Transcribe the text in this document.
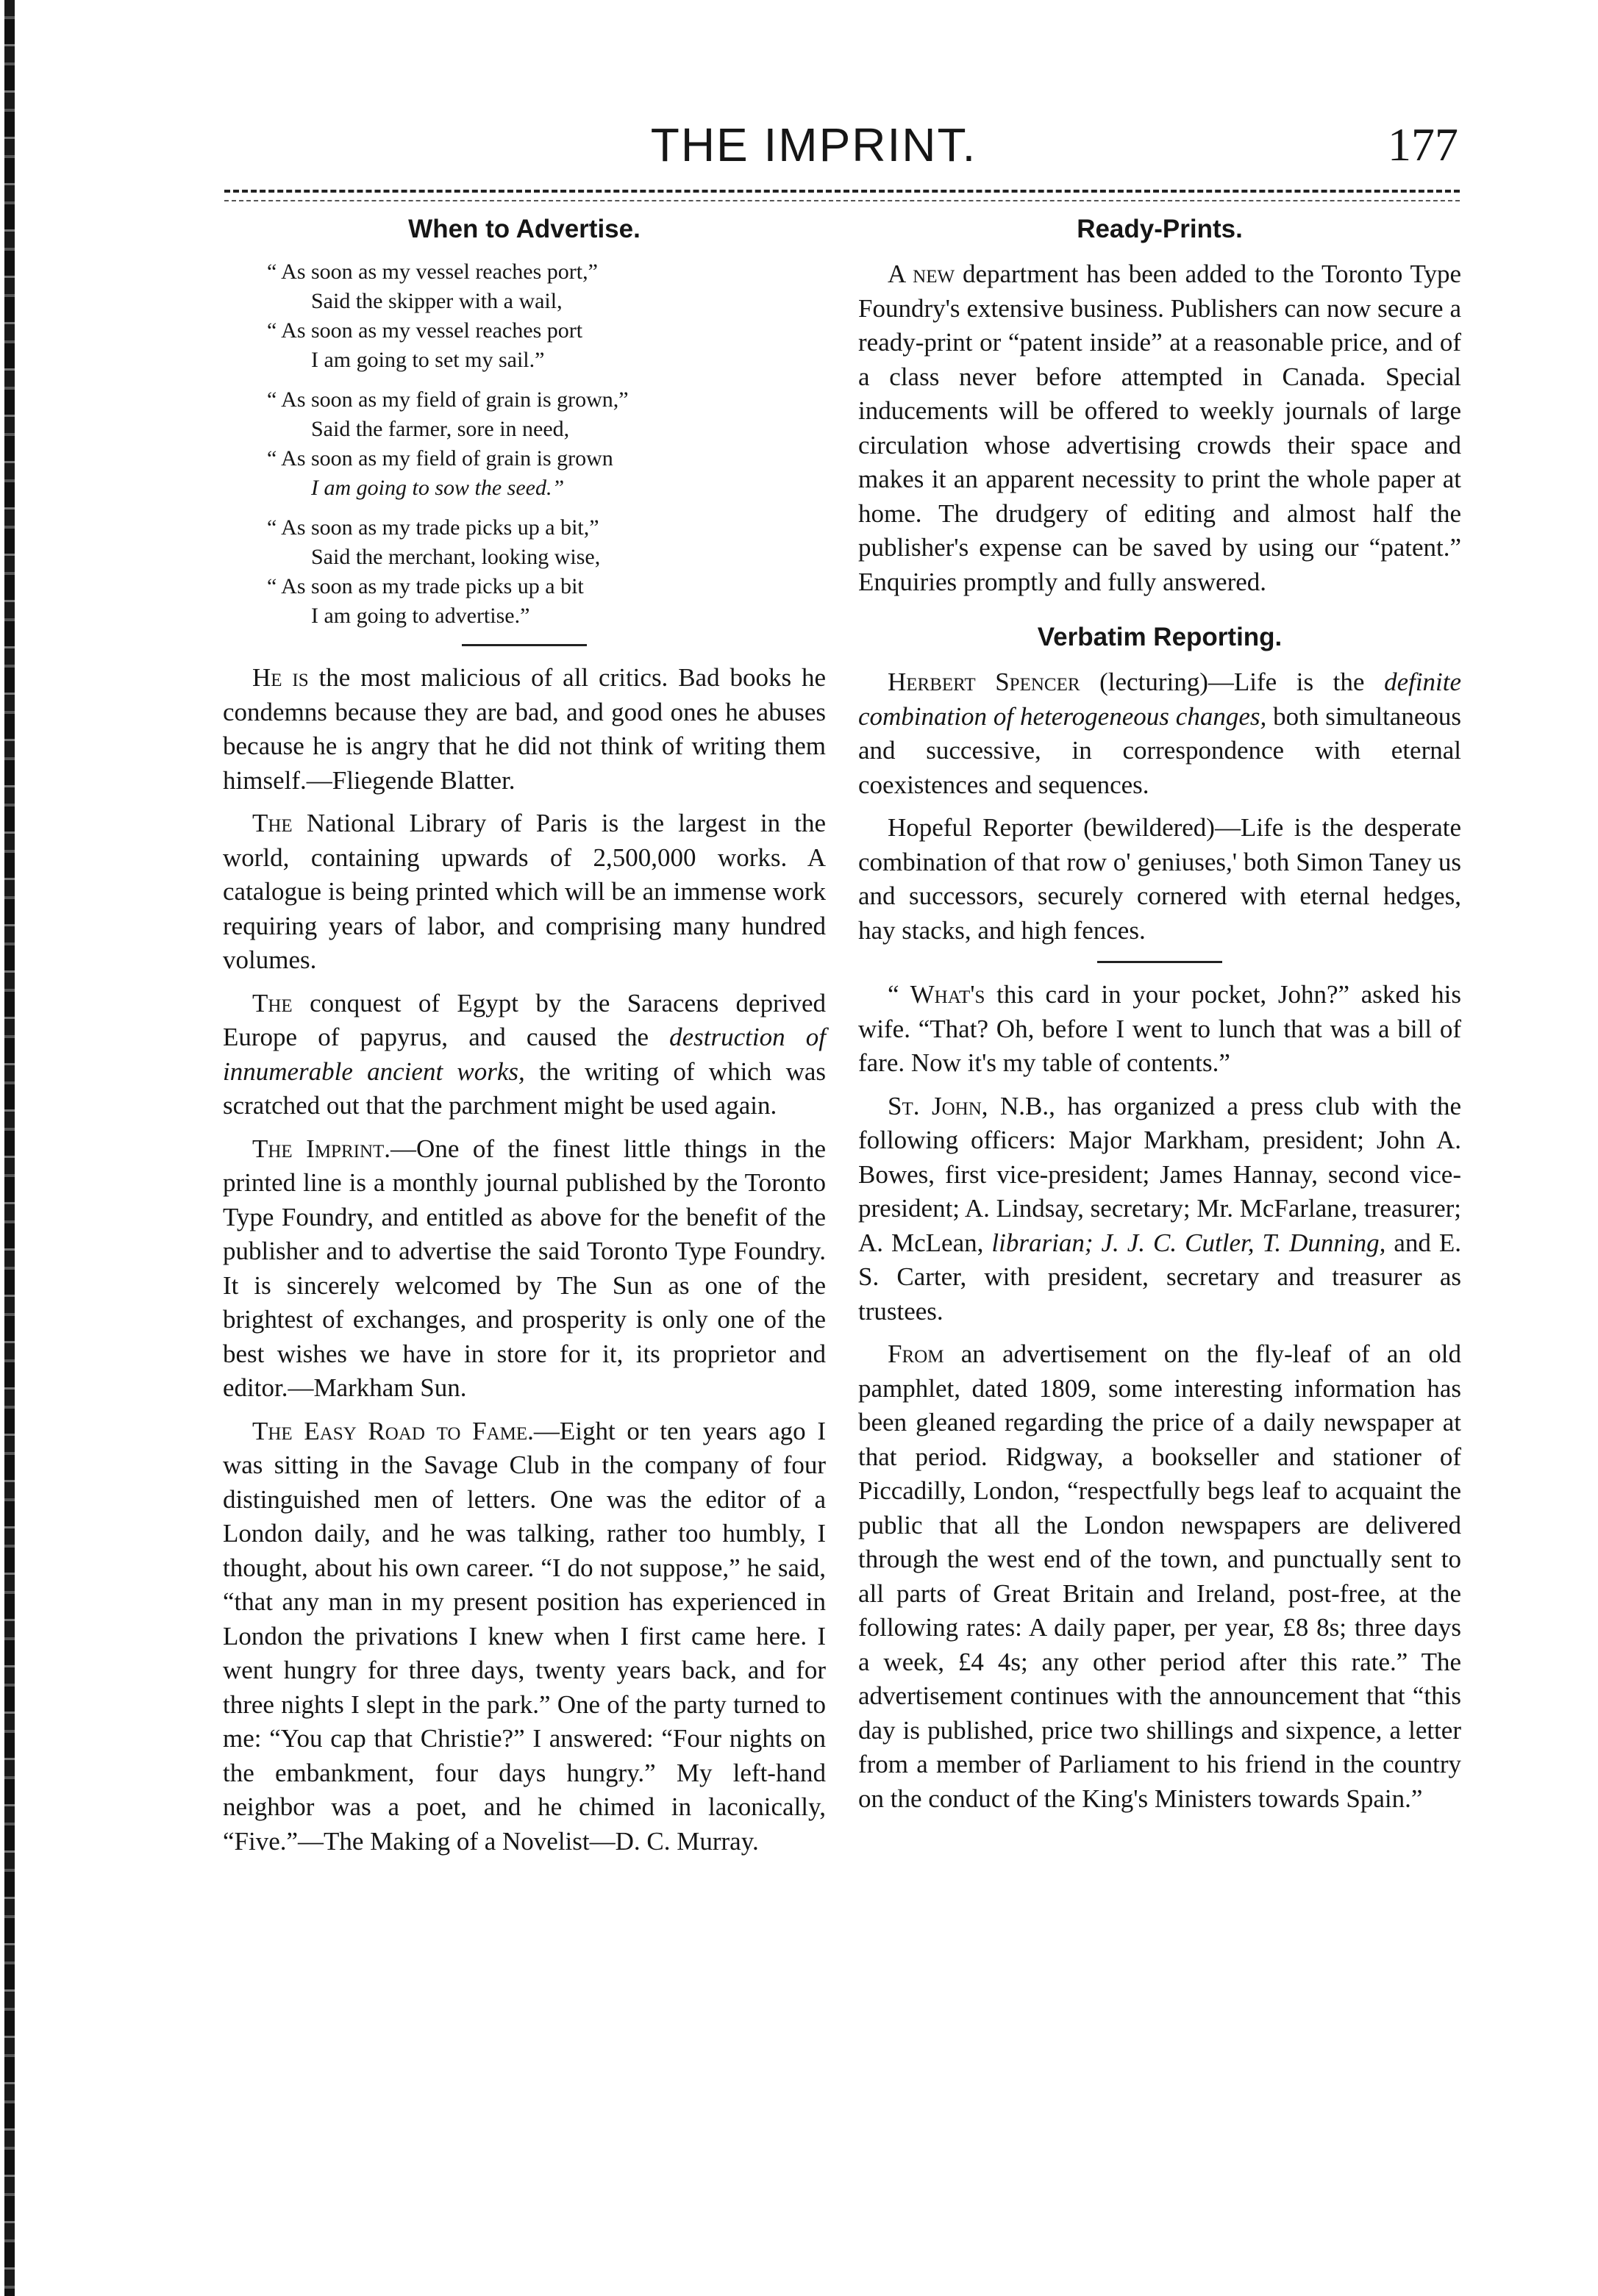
THE IMPRINT.	177
When to Advertise.
“ As soon as my vessel reaches port,”
Said the skipper with a wail,
“ As soon as my vessel reaches port
I am going to set my sail.”
“ As soon as my field of grain is grown,”
Said the farmer, sore in need,
“ As soon as my field of grain is grown
I am going to sow the seed.”
“ As soon as my trade picks up a bit,”
Said the merchant, looking wise,
“ As soon as my trade picks up a bit
I am going to advertise.”

He is the most malicious of all critics. Bad books he condemns because they are bad, and good ones he abuses because he is angry that he did not think of writing them himself.—Fliegende Blatter.

The National Library of Paris is the largest in the world, containing upwards of 2,500,000 works. A catalogue is being printed which will be an immense work requiring years of labor, and comprising many hundred volumes.

The conquest of Egypt by the Saracens deprived Europe of papyrus, and caused the destruction of innumerable ancient works, the writing of which was scratched out that the parchment might be used again.

The Imprint.—One of the finest little things in the printed line is a monthly journal published by the Toronto Type Foundry, and entitled as above for the benefit of the publisher and to advertise the said Toronto Type Foundry. It is sincerely welcomed by The Sun as one of the brightest of exchanges, and prosperity is only one of the best wishes we have in store for it, its proprietor and editor.—Markham Sun.

The Easy Road to Fame.—Eight or ten years ago I was sitting in the Savage Club in the company of four distinguished men of letters. One was the editor of a London daily, and he was talking, rather too humbly, I thought, about his own career. “I do not suppose,” he said, “that any man in my present position has experienced in London the privations I knew when I first came here. I went hungry for three days, twenty years back, and for three nights I slept in the park.” One of the party turned to me: “You cap that Christie?” I answered: “Four nights on the embankment, four days hungry.” My left-hand neighbor was a poet, and he chimed in laconically, “Five.”—The Making of a Novelist—D. C. Murray.

Ready-Prints.

A new department has been added to the Toronto Type Foundry's extensive business. Publishers can now secure a ready-print or “patent inside” at a reasonable price, and of a class never before attempted in Canada. Special inducements will be offered to weekly journals of large circulation whose advertising crowds their space and makes it an apparent necessity to print the whole paper at home. The drudgery of editing and almost half the publisher's expense can be saved by using our “patent.” Enquiries promptly and fully answered.

Verbatim Reporting.

Herbert Spencer (lecturing)—Life is the definite combination of heterogeneous changes, both simultaneous and successive, in correspondence with eternal coexistences and sequences.

Hopeful Reporter (bewildered)—Life is the desperate combination of that row o' geniuses,' both Simon Taney us and successors, securely cornered with eternal hedges, hay stacks, and high fences.

“ What's this card in your pocket, John?” asked his wife. “That? Oh, before I went to lunch that was a bill of fare. Now it's my table of contents.”

St. John, N.B., has organized a press club with the following officers: Major Markham, president; John A. Bowes, first vice-president; James Hannay, second vice-president; A. Lindsay, secretary; Mr. McFarlane, treasurer; A. McLean, librarian; J. J. C. Cutler, T. Dunning, and E. S. Carter, with president, secretary and treasurer as trustees.

From an advertisement on the fly-leaf of an old pamphlet, dated 1809, some interesting information has been gleaned regarding the price of a daily newspaper at that period. Ridgway, a bookseller and stationer of Piccadilly, London, “respectfully begs leaf to acquaint the public that all the London newspapers are delivered through the west end of the town, and punctually sent to all parts of Great Britain and Ireland, post-free, at the following rates: A daily paper, per year, £8 8s; three days a week, £4 4s; any other period after this rate.” The advertisement continues with the announcement that “this day is published, price two shillings and sixpence, a letter from a member of Parliament to his friend in the country on the conduct of the King's Ministers towards Spain.”
